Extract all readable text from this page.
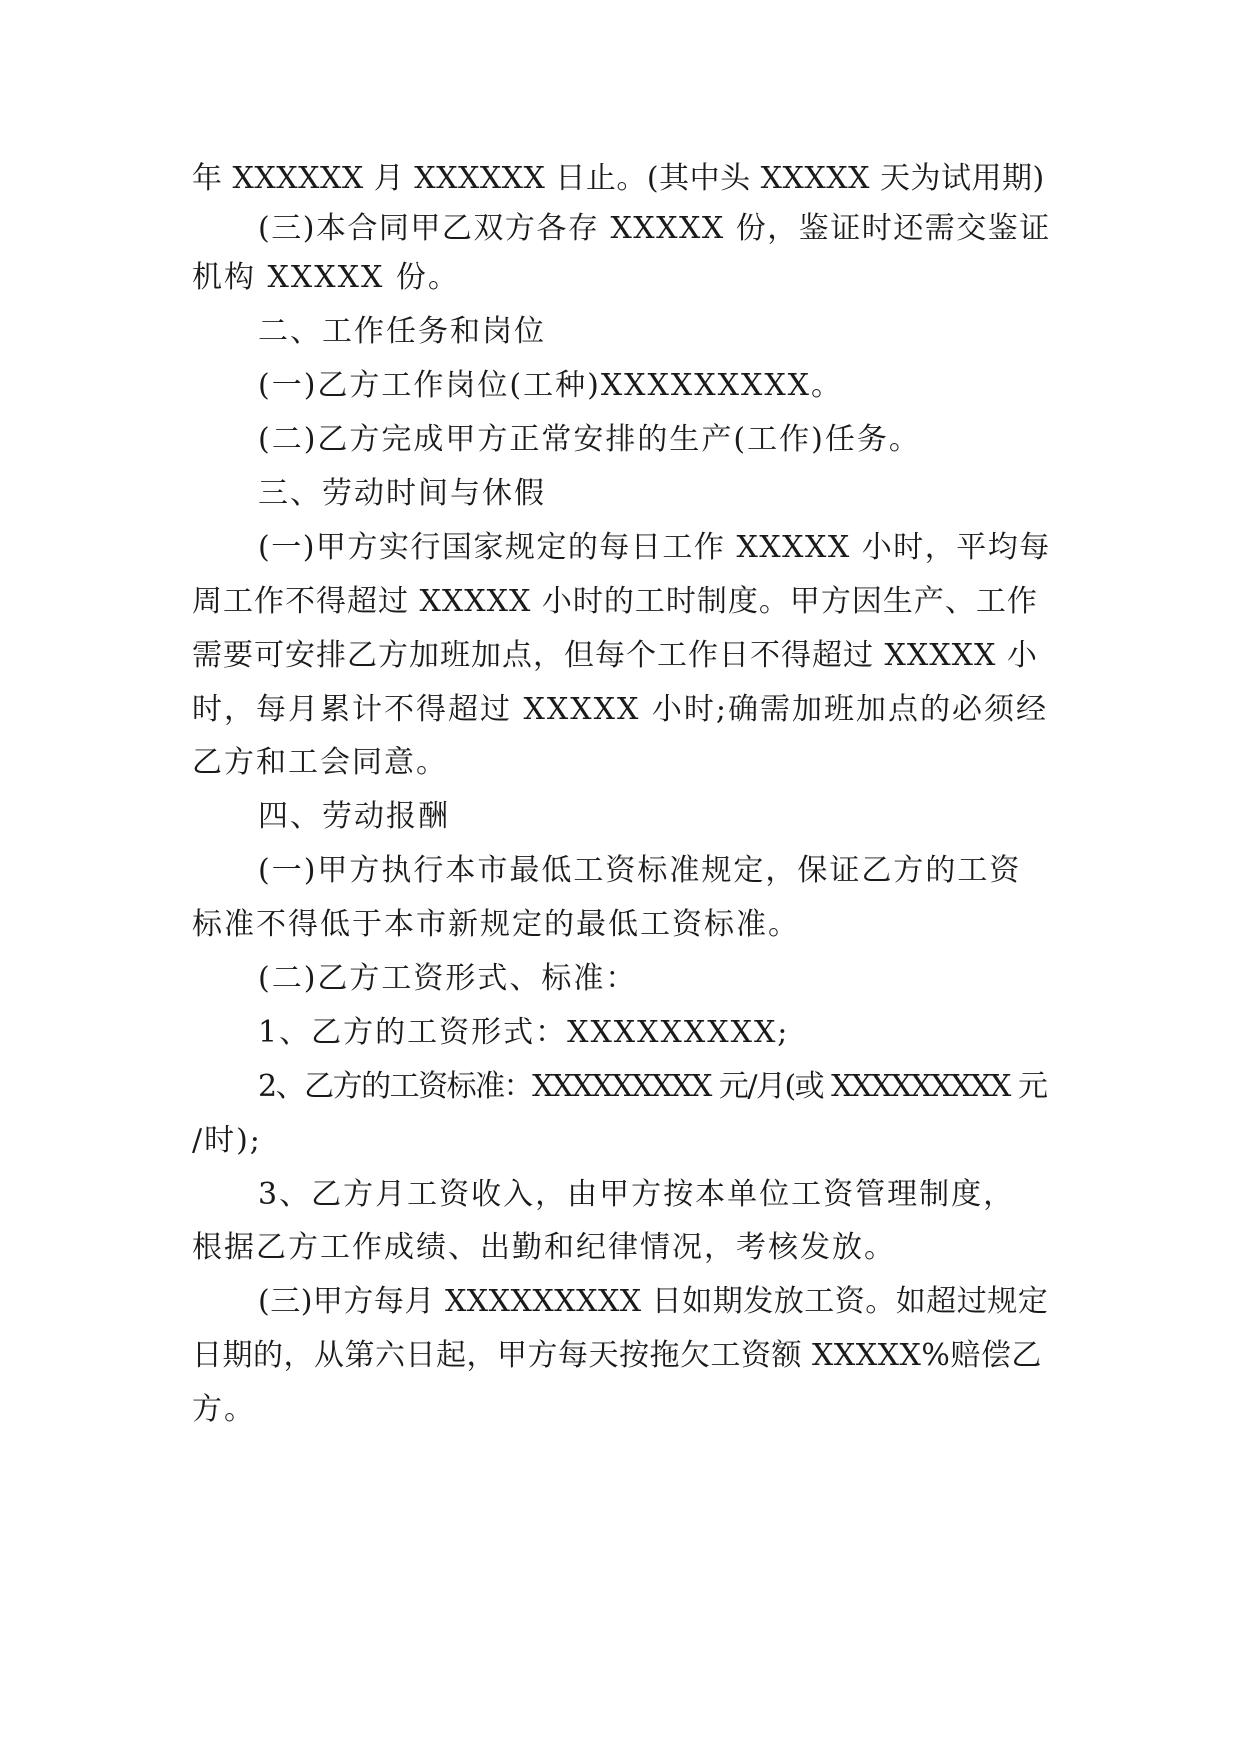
年 XXXXXX 月 XXXXXX 日止。(其中头 XXXXX 天为试用期)
(三)本合同甲乙双方各存 XXXXX 份，鉴证时还需交鉴证
机构 XXXXX 份。
二、工作任务和岗位
(一)乙方工作岗位(工种)XXXXXXXXX。
(二)乙方完成甲方正常安排的生产(工作)任务。
三、劳动时间与休假
(一)甲方实行国家规定的每日工作 XXXXX 小时，平均每
周工作不得超过 XXXXX 小时的工时制度。甲方因生产、工作
需要可安排乙方加班加点，但每个工作日不得超过 XXXXX 小
时，每月累计不得超过 XXXXX 小时;确需加班加点的必须经
乙方和工会同意。
四、劳动报酬
(一)甲方执行本市最低工资标准规定，保证乙方的工资
标准不得低于本市新规定的最低工资标准。
(二)乙方工资形式、标准：
1、乙方的工资形式：XXXXXXXXX;
2、乙方的工资标准：XXXXXXXXX 元/月(或 XXXXXXXXX 元
/时);
3、乙方月工资收入，由甲方按本单位工资管理制度，
根据乙方工作成绩、出勤和纪律情况，考核发放。
(三)甲方每月 XXXXXXXXX 日如期发放工资。如超过规定
日期的，从第六日起，甲方每天按拖欠工资额 XXXXX%赔偿乙
方。
